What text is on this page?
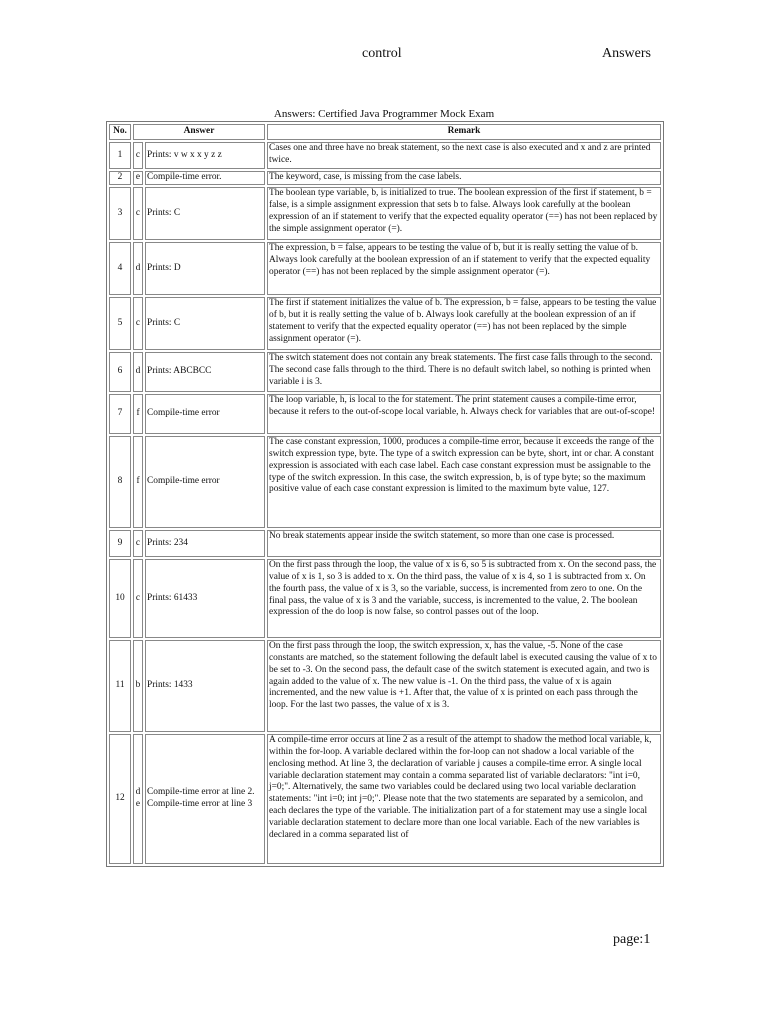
control	Answers
Answers: Certified Java Programmer Mock Exam
No.	Answer		Remark
1	c	Prints: v w x x y z z	Cases one and three have no break statement, so the next case is also executed and x and z are printed twice.
2	e	Compile-time error.	The keyword, case, is missing from the case labels.
3	c	Prints: C	The boolean type variable, b, is initialized to true. The boolean expression of the first if statement, b = false, is a simple assignment expression that sets b to false. Always look carefully at the boolean expression of an if statement to verify that the expected equality operator (==) has not been replaced by the simple assignment operator (=).
4	d	Prints: D	The expression, b = false, appears to be testing the value of b, but it is really setting the value of b. Always look carefully at the boolean expression of an if statement to verify that the expected equality operator (==) has not been replaced by the simple assignment operator (=).
5	c	Prints: C	The first if statement initializes the value of b. The expression, b = false, appears to be testing the value of b, but it is really setting the value of b. Always look carefully at the boolean expression of an if statement to verify that the expected equality operator (==) has not been replaced by the simple assignment operator (=).
6	d	Prints: ABCBCC	The switch statement does not contain any break statements. The first case falls through to the second. The second case falls through to the third. There is no default switch label, so nothing is printed when variable i is 3.
7	f	Compile-time error	The loop variable, h, is local to the for statement. The print statement causes a compile-time error, because it refers to the out-of-scope local variable, h. Always check for variables that are out-of-scope!
8	f	Compile-time error	The case constant expression, 1000, produces a compile-time error, because it exceeds the range of the switch expression type, byte. The type of a switch expression can be byte, short, int or char. A constant expression is associated with each case label. Each case constant expression must be assignable to the type of the switch expression. In this case, the switch expression, b, is of type byte; so the maximum positive value of each case constant expression is limited to the maximum byte value, 127.
9	c	Prints: 234	No break statements appear inside the switch statement, so more than one case is processed.
10	c	Prints: 61433	On the first pass through the loop, the value of x is 6, so 5 is subtracted from x. On the second pass, the value of x is 1, so 3 is added to x. On the third pass, the value of x is 4, so 1 is subtracted from x. On the fourth pass, the value of x is 3, so the variable, success, is incremented from zero to one. On the final pass, the value of x is 3 and the variable, success, is incremented to the value, 2. The boolean expression of the do loop is now false, so control passes out of the loop.
11	b	Prints: 1433	On the first pass through the loop, the switch expression, x, has the value, -5. None of the case constants are matched, so the statement following the default label is executed causing the value of x to be set to -3. On the second pass, the default case of the switch statement is executed again, and two is again added to the value of x. The new value is -1. On the third pass, the value of x is again incremented, and the new value is +1. After that, the value of x is printed on each pass through the loop. For the last two passes, the value of x is 3.
12	d e	Compile-time error at line 2. Compile-time error at line 3	A compile-time error occurs at line 2 as a result of the attempt to shadow the method local variable, k, within the for-loop. A variable declared within the for-loop can not shadow a local variable of the enclosing method. At line 3, the declaration of variable j causes a compile-time error. A single local variable declaration statement may contain a comma separated list of variable declarators: "int i=0, j=0;". Alternatively, the same two variables could be declared using two local variable declaration statements: "int i=0; int j=0;". Please note that the two statements are separated by a semicolon, and each declares the type of the variable. The initialization part of a for statement may use a single local variable declaration statement to declare more than one local variable. Each of the new variables is declared in a comma separated list of
page:1
